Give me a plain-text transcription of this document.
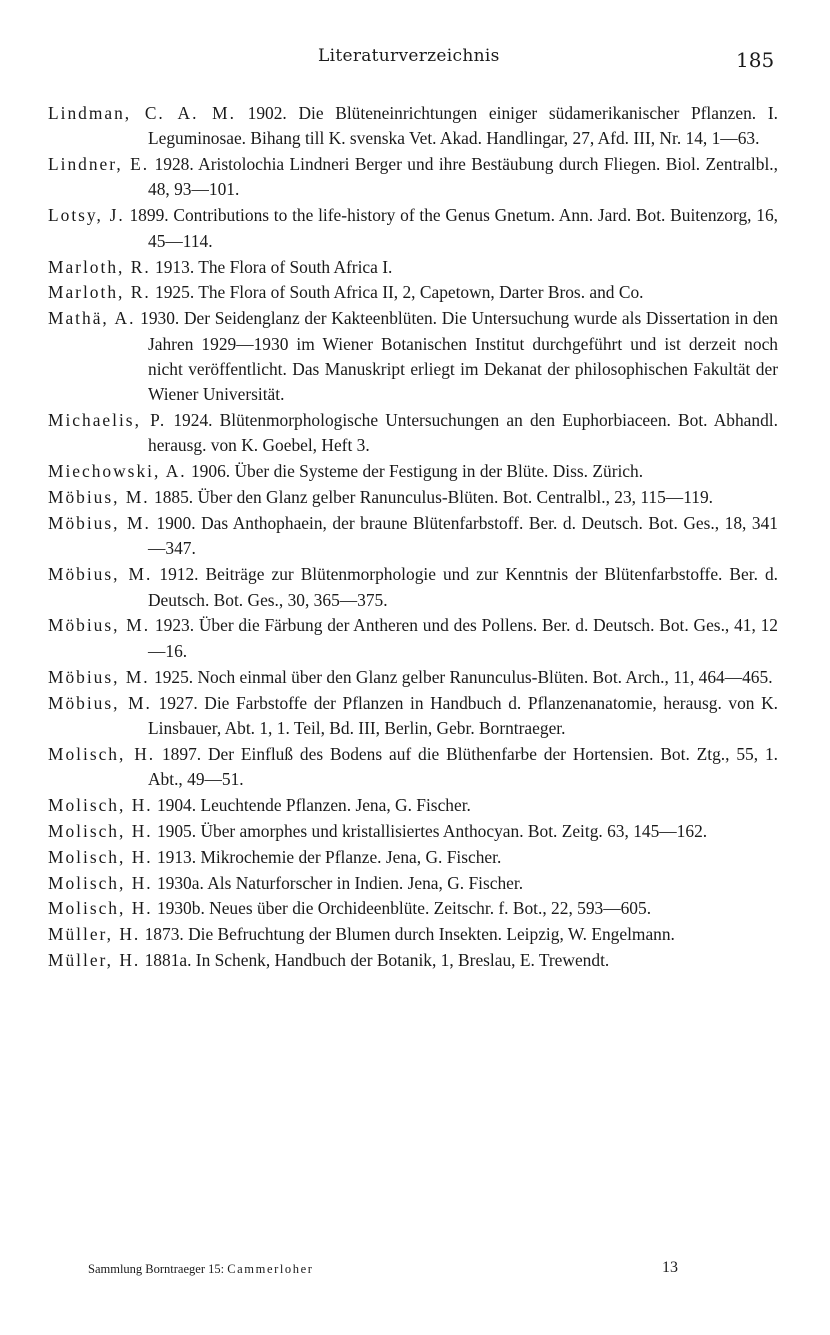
Literaturverzeichnis	185

Lindman, C. A. M. 1902. Die Blüteneinrichtungen einiger südamerikanischer Pflanzen. I. Leguminosae. Bihang till K. svenska Vet. Akad. Handlingar, 27, Afd. III, Nr. 14, 1—63.

Lindner, E. 1928. Aristolochia Lindneri Berger und ihre Bestäubung durch Fliegen. Biol. Zentralbl., 48, 93—101.

Lotsy, J. 1899. Contributions to the life-history of the Genus Gnetum. Ann. Jard. Bot. Buitenzorg, 16, 45—114.

Marloth, R. 1913. The Flora of South Africa I.

Marloth, R. 1925. The Flora of South Africa II, 2, Capetown, Darter Bros. and Co.

Mathä, A. 1930. Der Seidenglanz der Kakteenblüten. Die Untersuchung wurde als Dissertation in den Jahren 1929—1930 im Wiener Botanischen Institut durchgeführt und ist derzeit noch nicht veröffentlicht. Das Manuskript erliegt im Dekanat der philosophischen Fakultät der Wiener Universität.

Michaelis, P. 1924. Blütenmorphologische Untersuchungen an den Euphorbiaceen. Bot. Abhandl. herausg. von K. Goebel, Heft 3.

Miechowski, A. 1906. Über die Systeme der Festigung in der Blüte. Diss. Zürich.

Möbius, M. 1885. Über den Glanz gelber Ranunculus-Blüten. Bot. Centralbl., 23, 115—119.

Möbius, M. 1900. Das Anthophaein, der braune Blütenfarbstoff. Ber. d. Deutsch. Bot. Ges., 18, 341—347.

Möbius, M. 1912. Beiträge zur Blütenmorphologie und zur Kenntnis der Blütenfarbstoffe. Ber. d. Deutsch. Bot. Ges., 30, 365—375.

Möbius, M. 1923. Über die Färbung der Antheren und des Pollens. Ber. d. Deutsch. Bot. Ges., 41, 12—16.

Möbius, M. 1925. Noch einmal über den Glanz gelber Ranunculus-Blüten. Bot. Arch., 11, 464—465.

Möbius, M. 1927. Die Farbstoffe der Pflanzen in Handbuch d. Pflanzenanatomie, herausg. von K. Linsbauer, Abt. 1, 1. Teil, Bd. III, Berlin, Gebr. Borntraeger.

Molisch, H. 1897. Der Einfluß des Bodens auf die Blüthenfarbe der Hortensien. Bot. Ztg., 55, 1. Abt., 49—51.

Molisch, H. 1904. Leuchtende Pflanzen. Jena, G. Fischer.

Molisch, H. 1905. Über amorphes und kristallisiertes Anthocyan. Bot. Zeitg. 63, 145—162.

Molisch, H. 1913. Mikrochemie der Pflanze. Jena, G. Fischer.

Molisch, H. 1930a. Als Naturforscher in Indien. Jena, G. Fischer.

Molisch, H. 1930b. Neues über die Orchideenblüte. Zeitschr. f. Bot., 22, 593—605.

Müller, H. 1873. Die Befruchtung der Blumen durch Insekten. Leipzig, W. Engelmann.

Müller, H. 1881a. In Schenk, Handbuch der Botanik, 1, Breslau, E. Trewendt.

Sammlung Borntraeger 15: Cammerloher	13
